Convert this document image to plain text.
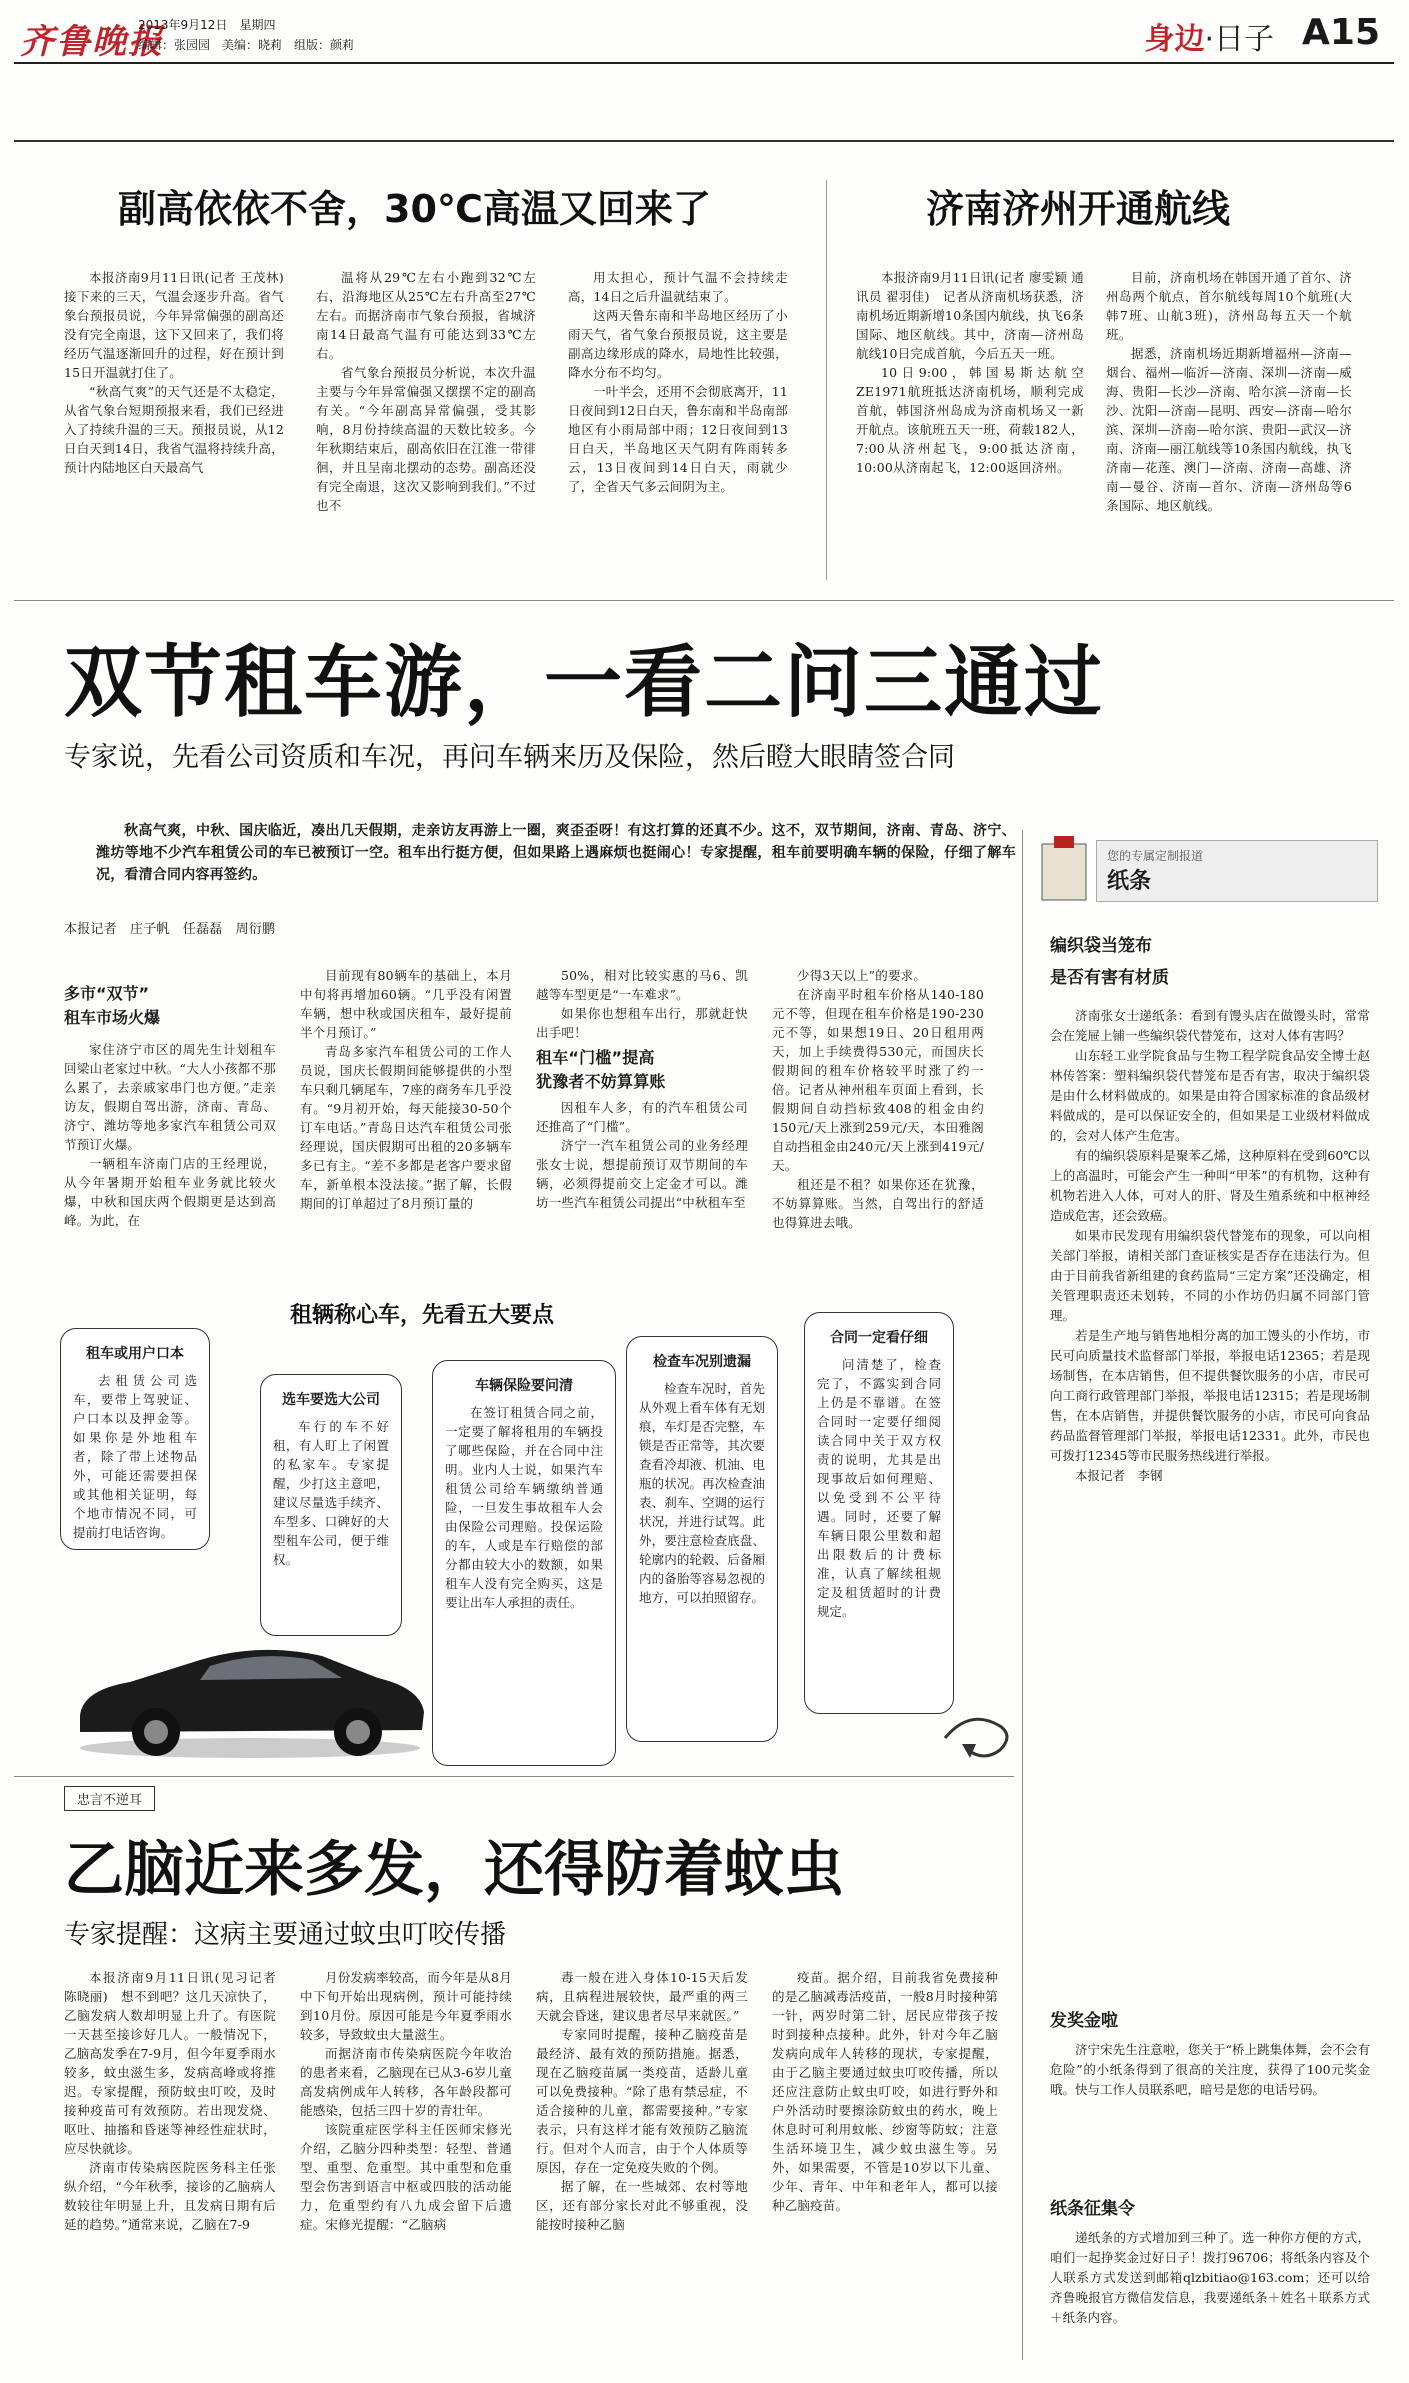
齐鲁晚报
2013年9月12日　星期四
编辑：张园园　美编：晓莉　组版：颜莉	身边·日子 A15
副高依依不舍，30℃高温又回来了

本报济南9月11日讯(记者 王茂林)　接下来的三天，气温会逐步升高。省气象台预报员说，今年异常偏强的副高还没有完全南退，这下又回来了，我们将经历气温逐渐回升的过程，好在预计到15日开温就打住了。

“秋高气爽”的天气还是不太稳定，从省气象台短期预报来看，我们已经进入了持续升温的三天。预报员说，从12日白天到14日，我省气温将持续升高，预计内陆地区白天最高气

温将从29℃左右小跑到32℃左右，沿海地区从25℃左右升高至27℃左右。而据济南市气象台预报，省城济南14日最高气温有可能达到33℃左右。

省气象台预报员分析说，本次升温主要与今年异常偏强又摆摆不定的副高有关。“今年副高异常偏强，受其影响，8月份持续高温的天数比较多。今年秋期结束后，副高依旧在江淮一带徘徊，并且呈南北摆动的态势。副高还没有完全南退，这次又影响到我们。”不过也不

用太担心，预计气温不会持续走高，14日之后升温就结束了。

这两天鲁东南和半岛地区经历了小雨天气，省气象台预报员说，这主要是副高边缘形成的降水，局地性比较强，降水分布不均匀。

一叶半会，还用不会彻底离开，11日夜间到12日白天，鲁东南和半岛南部地区有小雨局部中雨；12日夜间到13日白天，半岛地区天气阴有阵雨转多云，13日夜间到14日白天，雨就少了，全省天气多云间阴为主。

济南济州开通航线

本报济南9月11日讯(记者 廖雯颖 通讯员 翟羽佳)　记者从济南机场获悉，济南机场近期新增10条国内航线，执飞6条国际、地区航线。其中，济南—济州岛航线10日完成首航，今后五天一班。

10日9:00，韩国易斯达航空ZE1971航班抵达济南机场，顺利完成首航，韩国济州岛成为济南机场又一新开航点。该航班五天一班，荷载182人，7:00从济州起飞，9:00抵达济南，10:00从济南起飞，12:00返回济州。

目前，济南机场在韩国开通了首尔、济州岛两个航点，首尔航线每周10个航班(大韩7班、山航3班)，济州岛每五天一个航班。

据悉，济南机场近期新增福州—济南—烟台、福州—临沂—济南、深圳—济南—威海、贵阳—长沙—济南、哈尔滨—济南—长沙、沈阳—济南—昆明、西安—济南—哈尔滨、深圳—济南—哈尔滨、贵阳—武汉—济南、济南—丽江航线等10条国内航线，执飞济南—花莲、澳门—济南、济南—高雄、济南—曼谷、济南—首尔、济南—济州岛等6条国际、地区航线。

双节租车游，一看二问三通过
专家说，先看公司资质和车况，再问车辆来历及保险，然后瞪大眼睛签合同

秋高气爽，中秋、国庆临近，凑出几天假期，走亲访友再游上一圈，爽歪歪呀！有这打算的还真不少。这不，双节期间，济南、青岛、济宁、潍坊等地不少汽车租赁公司的车已被预订一空。租车出行挺方便，但如果路上遇麻烦也挺闹心！专家提醒，租车前要明确车辆的保险，仔细了解车况，看清合同内容再签约。

本报记者　庄子帆　任磊磊　周衍鹏
多市“双节”
租车市场火爆

家住济宁市区的周先生计划租车回梁山老家过中秋。“大人小孩都不那么累了，去亲戚家串门也方便。”走亲访友，假期自驾出游，济南、青岛、济宁、潍坊等地多家汽车租赁公司双节预订火爆。

一辆租车济南门店的王经理说，从今年暑期开始租车业务就比较火爆，中秋和国庆两个假期更是达到高峰。为此，在

目前现有80辆车的基础上，本月中旬将再增加60辆。“几乎没有闲置车辆，想中秋或国庆租车，最好提前半个月预订。”

青岛多家汽车租赁公司的工作人员说，国庆长假期间能够提供的小型车只剩几辆尾车，7座的商务车几乎没有。“9月初开始，每天能接30-50个订车电话。”青岛日达汽车租赁公司张经理说，国庆假期可出租的20多辆车多已有主。“差不多都是老客户要求留车，新单根本没法接。”据了解，长假期间的订单超过了8月预订量的

50%，相对比较实惠的马6、凯越等车型更是“一车难求”。

如果你也想租车出行，那就赶快出手吧！

租车“门槛”提高
犹豫者不妨算算账

因租车人多，有的汽车租赁公司还推高了“门槛”。

济宁一汽车租赁公司的业务经理张女士说，想提前预订双节期间的车辆，必须得提前交上定金才可以。潍坊一些汽车租赁公司提出“中秋租车至

少得3天以上”的要求。

在济南平时租车价格从140-180元不等，但现在租车价格是190-230元不等，如果想19日、20日租用两天，加上手续费得530元，而国庆长假期间的租车价格较平时涨了约一倍。记者从神州租车页面上看到，长假期间自动挡标致408的租金由约150元/天上涨到259元/天，本田雅阁自动挡租金由240元/天上涨到419元/天。

租还是不租？如果你还在犹豫，不妨算算账。当然，自驾出行的舒适也得算进去哦。

租辆称心车，先看五大要点
租车或用户口本
去租赁公司选车，要带上驾驶证、户口本以及押金等。如果你是外地租车者，除了带上述物品外，可能还需要担保或其他相关证明，每个地市情况不同，可提前打电话咨询。
选车要选大公司
车行的车不好租，有人盯上了闲置的私家车。专家提醒，少打这主意吧，建议尽量选手续齐、车型多、口碑好的大型租车公司，便于维权。
车辆保险要问清
在签订租赁合同之前，一定要了解将租用的车辆投了哪些保险，并在合同中注明。业内人士说，如果汽车租赁公司给车辆缴纳普通险，一旦发生事故租车人会由保险公司理赔。投保运险的车，人或是车行赔偿的部分都由较大小的数额，如果租车人没有完全购买，这是要让出车人承担的责任。
检查车况别遗漏
检查车况时，首先从外观上看车体有无划痕，车灯是否完整，车锁是否正常等，其次要查看冷却液、机油、电瓶的状况。再次检查油表、刹车、空调的运行状况，并进行试驾。此外，要注意检查底盘、轮廓内的轮毂、后备厢内的备胎等容易忽视的地方，可以拍照留存。
合同一定看仔细
问清楚了，检查完了，不露实到合同上仍是不靠谱。在签合同时一定要仔细阅读合同中关于双方权责的说明，尤其是出现事故后如何理赔、以免受到不公平待遇。同时，还要了解车辆日限公里数和超出限数后的计费标准，认真了解续租规定及租赁超时的计费规定。
您的专属定制报道
纸条
编织袋当笼布
是否有害有材质

济南张女士递纸条：看到有馒头店在做馒头时，常常会在笼屉上铺一些编织袋代替笼布，这对人体有害吗？

山东轻工业学院食品与生物工程学院食品安全博士赵林传答案：塑料编织袋代替笼布是否有害，取决于编织袋是由什么材料做成的。如果是由符合国家标准的食品级材料做成的，是可以保证安全的，但如果是工业级材料做成的，会对人体产生危害。

有的编织袋原料是聚苯乙烯，这种原料在受到60℃以上的高温时，可能会产生一种叫“甲苯”的有机物，这种有机物若进入人体，可对人的肝、肾及生殖系统和中枢神经造成危害，还会致癌。

如果市民发现有用编织袋代替笼布的现象，可以向相关部门举报，请相关部门查证核实是否存在违法行为。但由于目前我省新组建的食药监局“三定方案”还没确定，相关管理职责还未划转，不同的小作坊仍归属不同部门管理。

若是生产地与销售地相分离的加工馒头的小作坊，市民可向质量技术监督部门举报，举报电话12365；若是现场制售，在本店销售，但不提供餐饮服务的小店，市民可向工商行政管理部门举报，举报电话12315；若是现场制售，在本店销售，并提供餐饮服务的小店，市民可向食品药品监督管理部门举报，举报电话12331。此外，市民也可拨打12345等市民服务热线进行举报。

本报记者　李钢

发奖金啦

济宁宋先生注意啦，您关于“桥上跳集体舞，会不会有危险”的小纸条得到了很高的关注度，获得了100元奖金哦。快与工作人员联系吧，暗号是您的电话号码。

纸条征集令

递纸条的方式增加到三种了。选一种你方便的方式，咱们一起挣奖金过好日子！拨打96706；将纸条内容及个人联系方式发送到邮箱qlzbitiao@163.com；还可以给齐鲁晚报官方微信发信息，我要递纸条＋姓名＋联系方式＋纸条内容。

忠言不逆耳
乙脑近来多发，还得防着蚊虫
专家提醒：这病主要通过蚊虫叮咬传播

本报济南9月11日讯(见习记者　陈晓丽)　想不到吧？这几天凉快了，乙脑发病人数却明显上升了。有医院一天甚至接诊好几人。一般情况下，乙脑高发季在7-9月，但今年夏季雨水较多，蚊虫滋生多，发病高峰或将推迟。专家提醒，预防蚊虫叮咬，及时接种疫苗可有效预防。若出现发烧、呕吐、抽搐和昏迷等神经性症状时，应尽快就诊。

济南市传染病医院医务科主任张纵介绍，“今年秋季，接诊的乙脑病人数较往年明显上升，且发病日期有后延的趋势。”通常来说，乙脑在7-9

月份发病率较高，而今年是从8月中下旬开始出现病例，预计可能持续到10月份。原因可能是今年夏季雨水较多，导致蚊虫大量滋生。

而据济南市传染病医院今年收治的患者来看，乙脑现在已从3-6岁儿童高发病例成年人转移，各年龄段都可能感染，包括三四十岁的青壮年。

该院重症医学科主任医师宋修光介绍，乙脑分四种类型：轻型、普通型、重型、危重型。其中重型和危重型会伤害到语言中枢或四肢的活动能力，危重型约有八九成会留下后遗症。宋修光提醒：“乙脑病

毒一般在进入身体10-15天后发病，且病程进展较快，最严重的两三天就会昏迷，建议患者尽早来就医。”

专家同时提醒，接种乙脑疫苗是最经济、最有效的预防措施。据悉，现在乙脑疫苗属一类疫苗，适龄儿童可以免费接种。“除了患有禁忌症，不适合接种的儿童，都需要接种。”专家表示，只有这样才能有效预防乙脑流行。但对个人而言，由于个人体质等原因，存在一定免疫失败的个例。

据了解，在一些城郊、农村等地区，还有部分家长对此不够重视，没能按时接种乙脑

疫苗。据介绍，目前我省免费接种的是乙脑减毒活疫苗，一般8月时接种第一针，两岁时第二针，居民应带孩子按时到接种点接种。此外，针对今年乙脑发病向成年人转移的现状，专家提醒，由于乙脑主要通过蚊虫叮咬传播，所以还应注意防止蚊虫叮咬，如进行野外和户外活动时要擦涂防蚊虫的药水，晚上休息时可利用蚊帐、纱窗等防蚊；注意生活环境卫生，减少蚊虫滋生等。另外，如果需要，不管是10岁以下儿童、少年、青年、中年和老年人，都可以接种乙脑疫苗。
